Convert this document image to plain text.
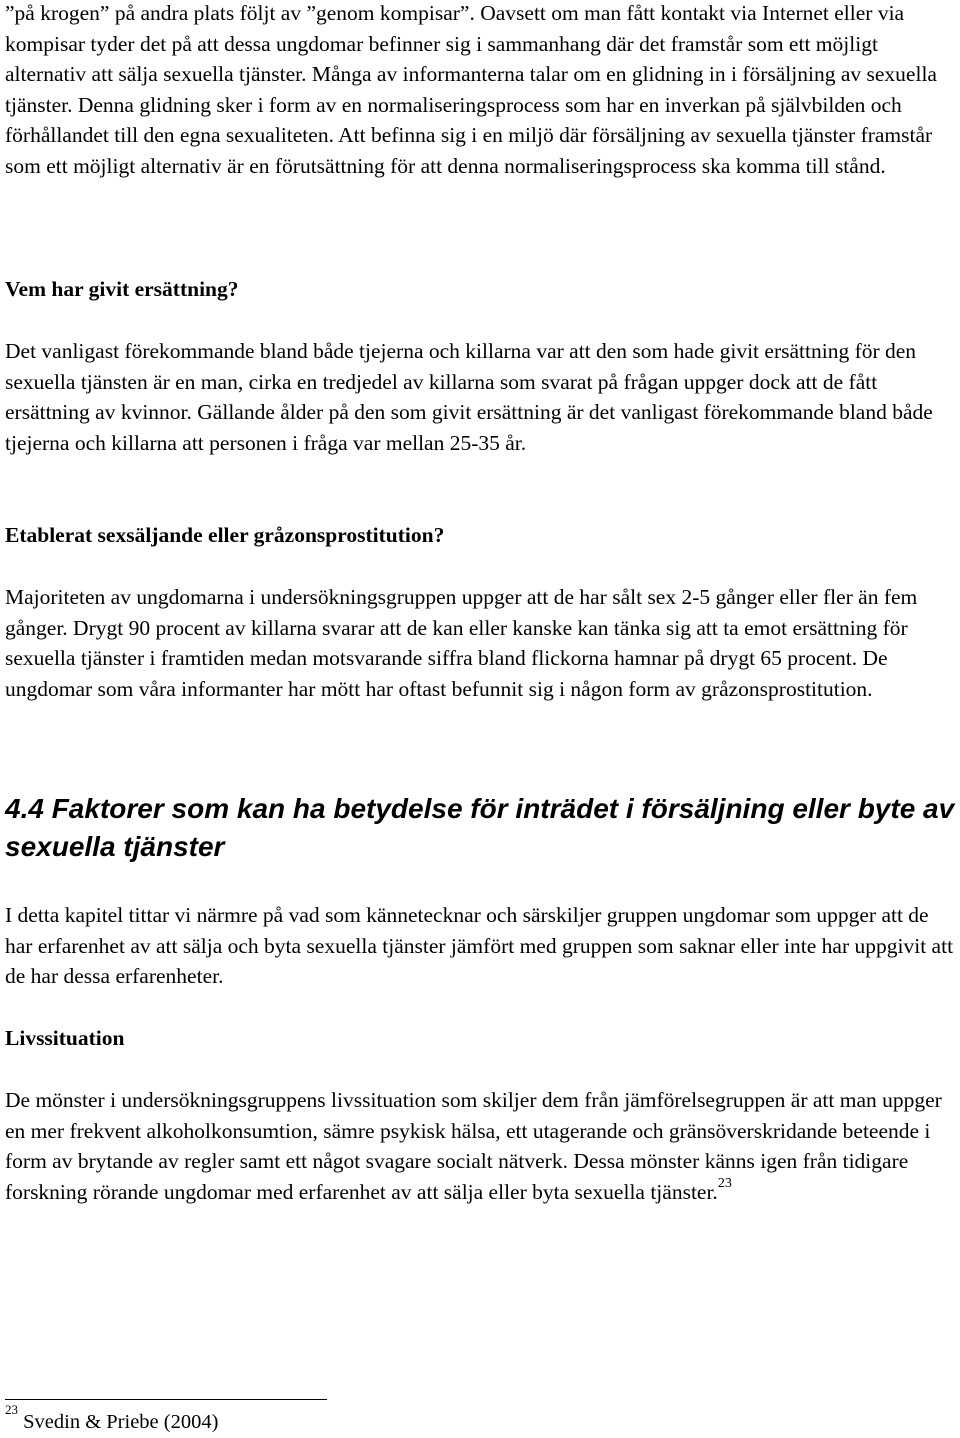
”på krogen” på andra plats följt av ”genom kompisar”. Oavsett om man fått kontakt via Internet eller via kompisar tyder det på att dessa ungdomar befinner sig i sammanhang där det framstår som ett möjligt alternativ att sälja sexuella tjänster. Många av informanterna talar om en glidning in i försäljning av sexuella tjänster. Denna glidning sker i form av en normaliseringsprocess som har en inverkan på självbilden och förhållandet till den egna sexualiteten. Att befinna sig i en miljö där försäljning av sexuella tjänster framstår som ett möjligt alternativ är en förutsättning för att denna normaliseringsprocess ska komma till stånd.

Vem har givit ersättning?

Det vanligast förekommande bland både tjejerna och killarna var att den som hade givit ersättning för den sexuella tjänsten är en man, cirka en tredjedel av killarna som svarat på frågan uppger dock att de fått ersättning av kvinnor. Gällande ålder på den som givit ersättning är det vanligast förekommande bland både tjejerna och killarna att personen i fråga var mellan 25-35 år.

Etablerat sexsäljande eller gråzonsprostitution?

Majoriteten av ungdomarna i undersökningsgruppen uppger att de har sålt sex 2-5 gånger eller fler än fem gånger. Drygt 90 procent av killarna svarar att de kan eller kanske kan tänka sig att ta emot ersättning för sexuella tjänster i framtiden medan motsvarande siffra bland flickorna hamnar på drygt 65 procent. De ungdomar som våra informanter har mött har oftast befunnit sig i någon form av gråzonsprostitution.

4.4 Faktorer som kan ha betydelse för inträdet i försäljning eller byte av sexuella tjänster

I detta kapitel tittar vi närmre på vad som kännetecknar och särskiljer gruppen ungdomar som uppger att de har erfarenhet av att sälja och byta sexuella tjänster jämfört med gruppen som saknar eller inte har uppgivit att de har dessa erfarenheter.

Livssituation

De mönster i undersökningsgruppens livssituation som skiljer dem från jämförelsegruppen är att man uppger en mer frekvent alkoholkonsumtion, sämre psykisk hälsa, ett utagerande och gränsöverskridande beteende i form av brytande av regler samt ett något svagare socialt nätverk. Dessa mönster känns igen från tidigare forskning rörande ungdomar med erfarenhet av att sälja eller byta sexuella tjänster.$^{23}$

$^{23}$ Svedin & Priebe (2004)
